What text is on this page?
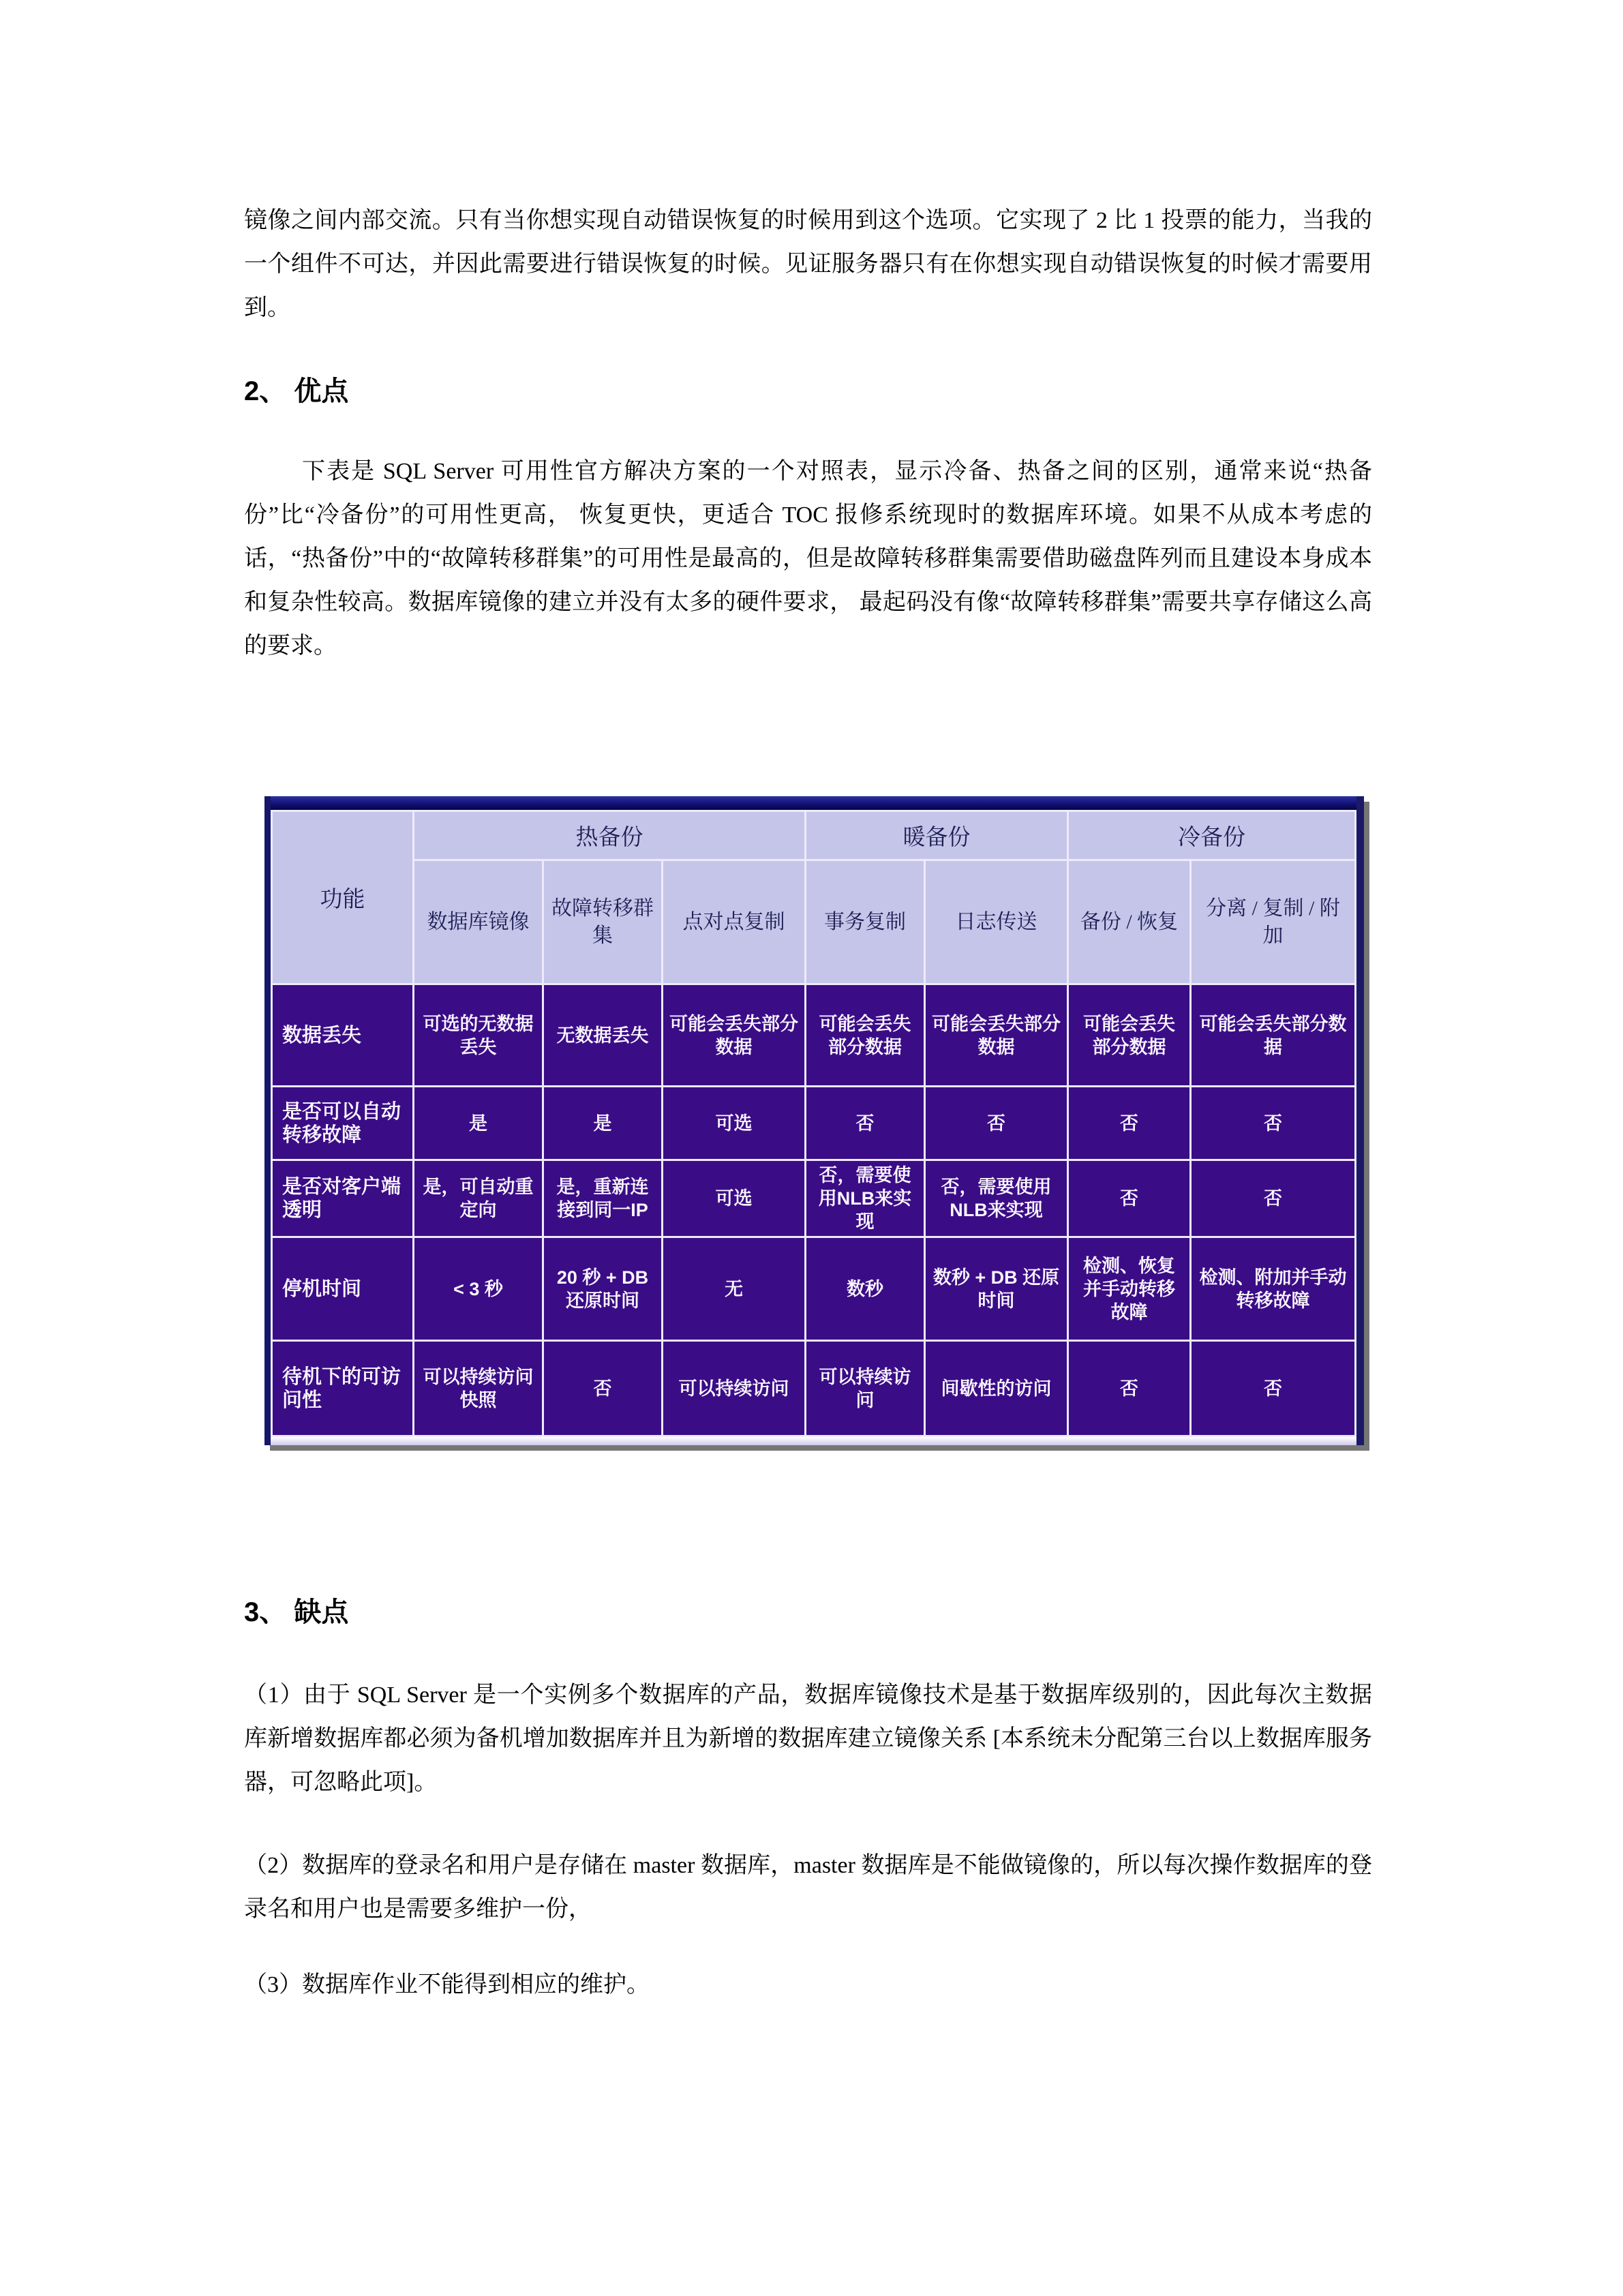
镜像之间内部交流。只有当你想实现自动错误恢复的时候用到这个选项。它实现了 2 比 1 投票的能力，当我的一个组件不可达，并因此需要进行错误恢复的时候。见证服务器只有在你想实现自动错误恢复的时候才需要用到。

2、 优点

下表是 SQL Server 可用性官方解决方案的一个对照表，显示冷备、热备之间的区别，通常来说“热备份”比“冷备份”的可用性更高， 恢复更快，更适合 TOC 报修系统现时的数据库环境。如果不从成本考虑的话，“热备份”中的“故障转移群集”的可用性是最高的，但是故障转移群集需要借助磁盘阵列而且建设本身成本和复杂性较高。数据库镜像的建立并没有太多的硬件要求， 最起码没有像“故障转移群集”需要共享存储这么高的要求。

功能	热备份			暖备份		冷备份	
	数据库镜像	故障转移群集	点对点复制	事务复制	日志传送	备份 / 恢复	分离 / 复制 / 附加
数据丢失	可选的无数据丢失	无数据丢失	可能会丢失部分数据	可能会丢失部分数据	可能会丢失部分数据	可能会丢失部分数据	可能会丢失部分数据
是否可以自动转移故障	是	是	可选	否	否	否	否
是否对客户端透明	是，可自动重定向	是，重新连接到同一IP	可选	否，需要使用NLB来实现	否，需要使用NLB来实现	否	否
停机时间	< 3 秒	20 秒 + DB 还原时间	无	数秒	数秒 + DB 还原时间	检测、恢复并手动转移故障	检测、附加并手动转移故障
待机下的可访问性	可以持续访问快照	否	可以持续访问	可以持续访问	间歇性的访问	否	否
3、 缺点

（1）由于 SQL Server 是一个实例多个数据库的产品，数据库镜像技术是基于数据库级别的，因此每次主数据库新增数据库都必须为备机增加数据库并且为新增的数据库建立镜像关系 [本系统未分配第三台以上数据库服务器，可忽略此项]。

（2）数据库的登录名和用户是存储在 master 数据库，master 数据库是不能做镜像的，所以每次操作数据库的登录名和用户也是需要多维护一份，

（3）数据库作业不能得到相应的维护。
